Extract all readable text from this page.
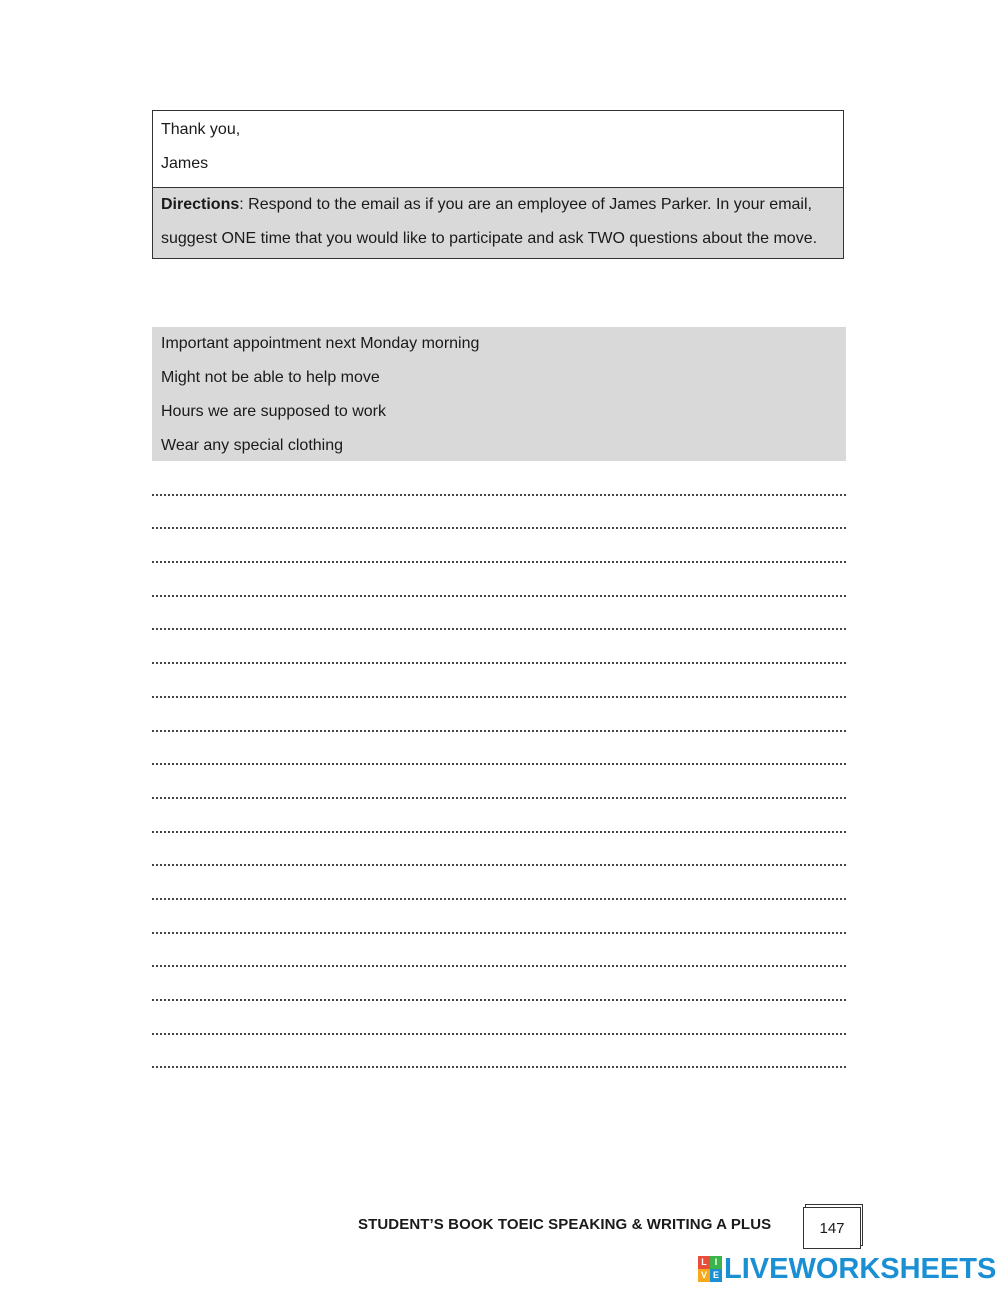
Thank you,
James
Directions: Respond to the email as if you are an employee of James Parker. In your email, suggest ONE time that you would like to participate and ask TWO questions about the move.
Important appointment next Monday morning
Might not be able to help move
Hours we are supposed to work
Wear any special clothing
STUDENT’S BOOK TOEIC SPEAKING & WRITING A PLUS	147
L I
V E LIVEWORKSHEETS
